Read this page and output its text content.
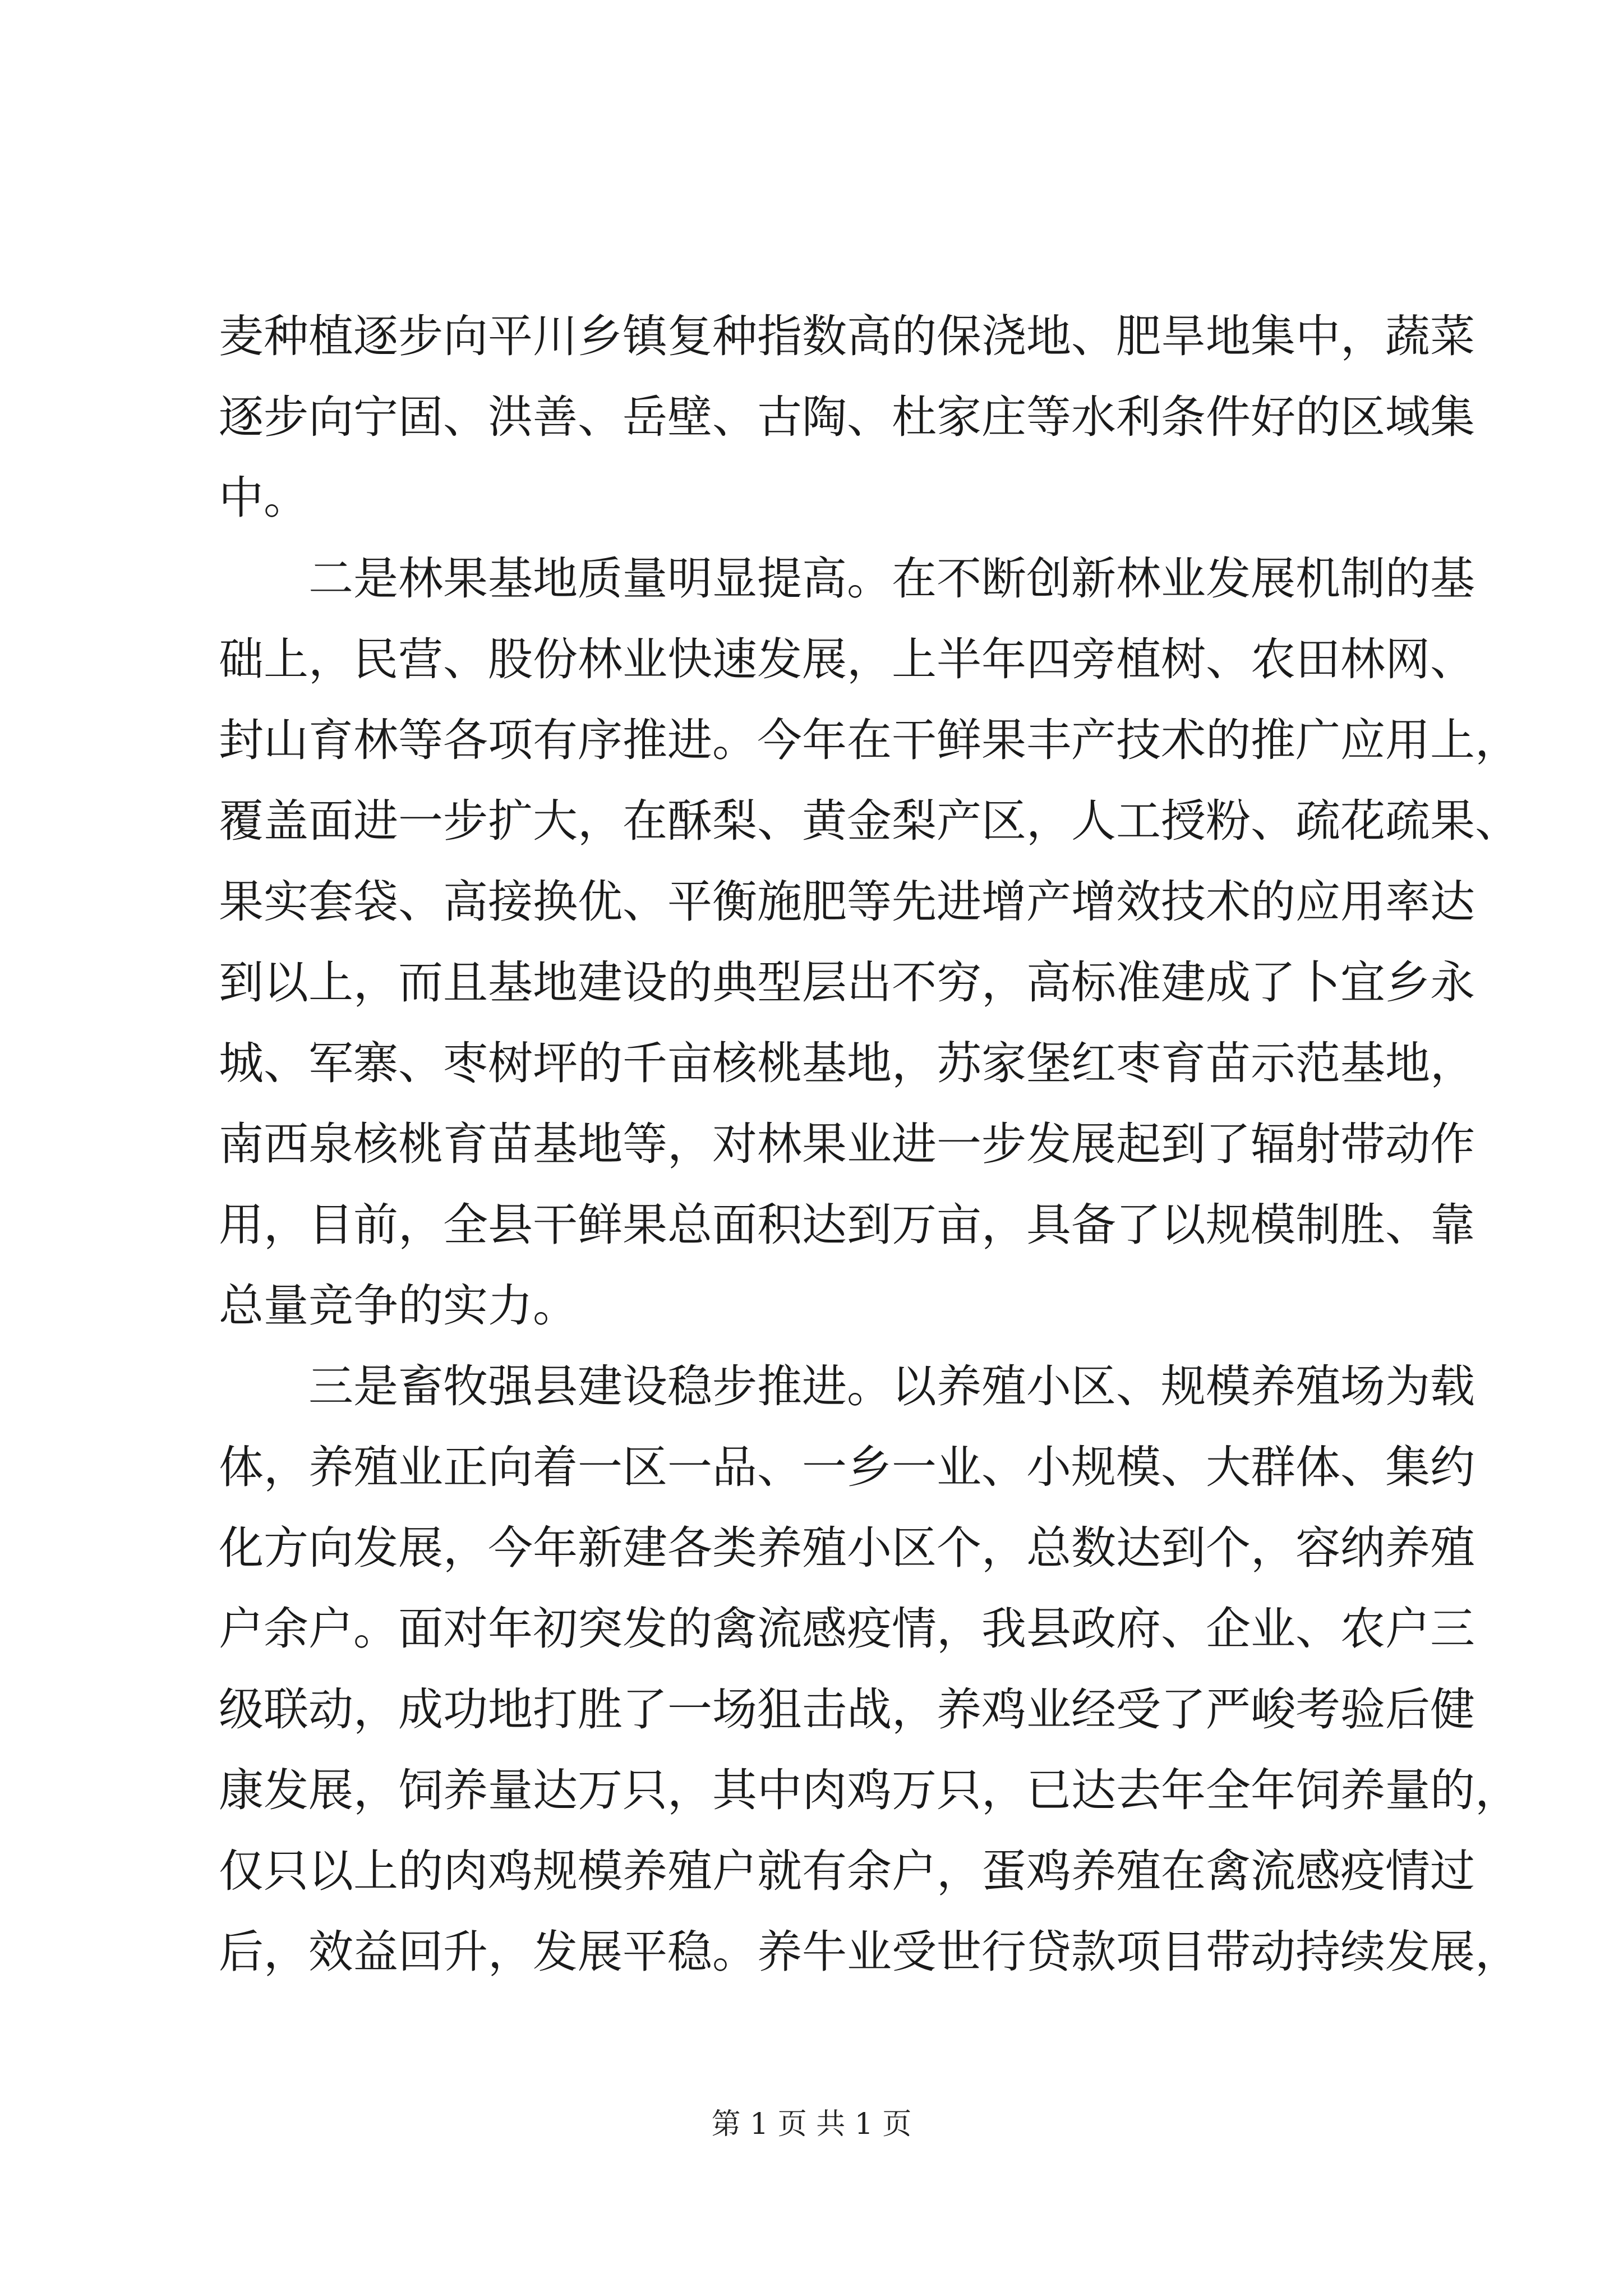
麦种植逐步向平川乡镇复种指数高的保浇地、肥旱地集中，蔬菜
逐步向宁固、洪善、岳壁、古陶、杜家庄等水利条件好的区域集
中。
二是林果基地质量明显提高。在不断创新林业发展机制的基
础上，民营、股份林业快速发展，上半年四旁植树、农田林网、
封山育林等各项有序推进。今年在干鲜果丰产技术的推广应用上，
覆盖面进一步扩大，在酥梨、黄金梨产区，人工授粉、疏花疏果、
果实套袋、高接换优、平衡施肥等先进增产增效技术的应用率达
到以上，而且基地建设的典型层出不穷，高标准建成了卜宜乡永
城、军寨、枣树坪的千亩核桃基地，苏家堡红枣育苗示范基地，
南西泉核桃育苗基地等，对林果业进一步发展起到了辐射带动作
用，目前，全县干鲜果总面积达到万亩，具备了以规模制胜、靠
总量竞争的实力。
三是畜牧强县建设稳步推进。以养殖小区、规模养殖场为载
体，养殖业正向着一区一品、一乡一业、小规模、大群体、集约
化方向发展，今年新建各类养殖小区个，总数达到个，容纳养殖
户余户。面对年初突发的禽流感疫情，我县政府、企业、农户三
级联动，成功地打胜了一场狙击战，养鸡业经受了严峻考验后健
康发展，饲养量达万只，其中肉鸡万只，已达去年全年饲养量的，
仅只以上的肉鸡规模养殖户就有余户，蛋鸡养殖在禽流感疫情过
后，效益回升，发展平稳。养牛业受世行贷款项目带动持续发展，
第 1 页 共 1 页
